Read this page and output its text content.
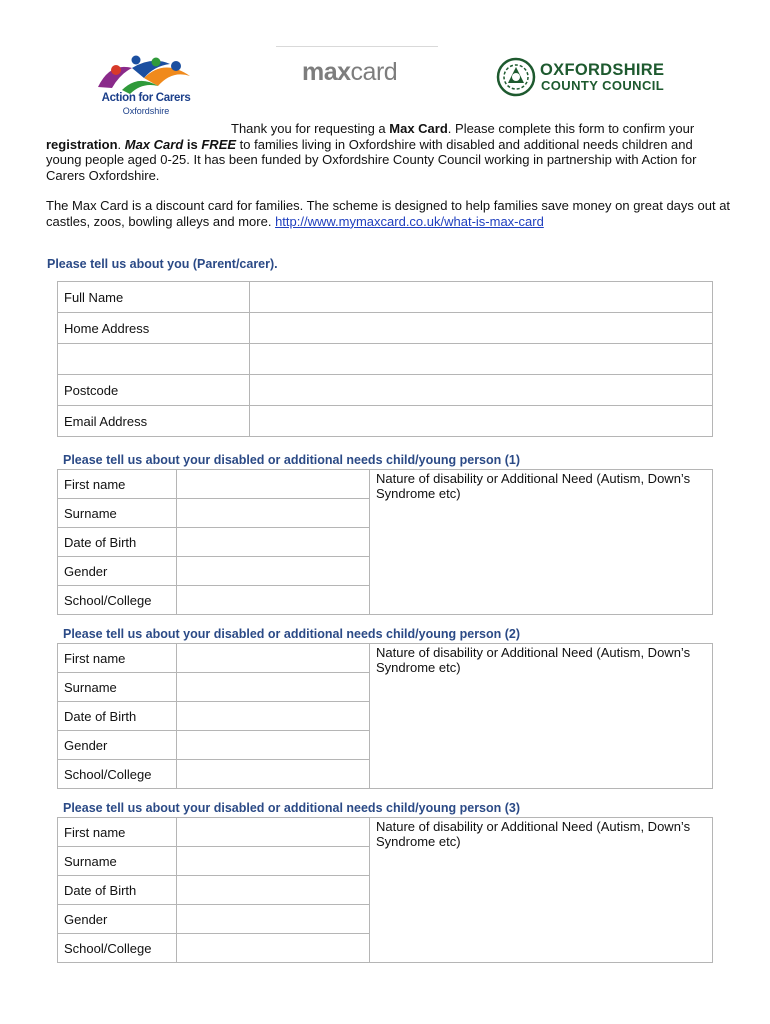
Action for Carers
Oxfordshire
maxcard	OXFORDSHIRE
COUNTY COUNCIL
Thank you for requesting a Max Card. Please complete this form to confirm your registration. Max Card is FREE to families living in Oxfordshire with disabled and additional needs children and young people aged 0-25. It has been funded by Oxfordshire County Council working in partnership with Action for Carers Oxfordshire.
The Max Card is a discount card for families. The scheme is designed to help families save money on great days out at castles, zoos, bowling alleys and more. http://www.mymaxcard.co.uk/what-is-max-card
Please tell us about you (Parent/carer).
Full Name	
Home Address	

Postcode	
Email Address	
Please tell us about your disabled or additional needs child/young person (1)
First name		Nature of disability or Additional Need (Autism, Down’s Syndrome etc)
Surname		
Date of Birth		
Gender		
School/College		
Please tell us about your disabled or additional needs child/young person (2)
First name		Nature of disability or Additional Need (Autism, Down’s Syndrome etc)
Surname		
Date of Birth		
Gender		
School/College		
Please tell us about your disabled or additional needs child/young person (3)
First name		Nature of disability or Additional Need (Autism, Down’s Syndrome etc)
Surname		
Date of Birth		
Gender		
School/College		
